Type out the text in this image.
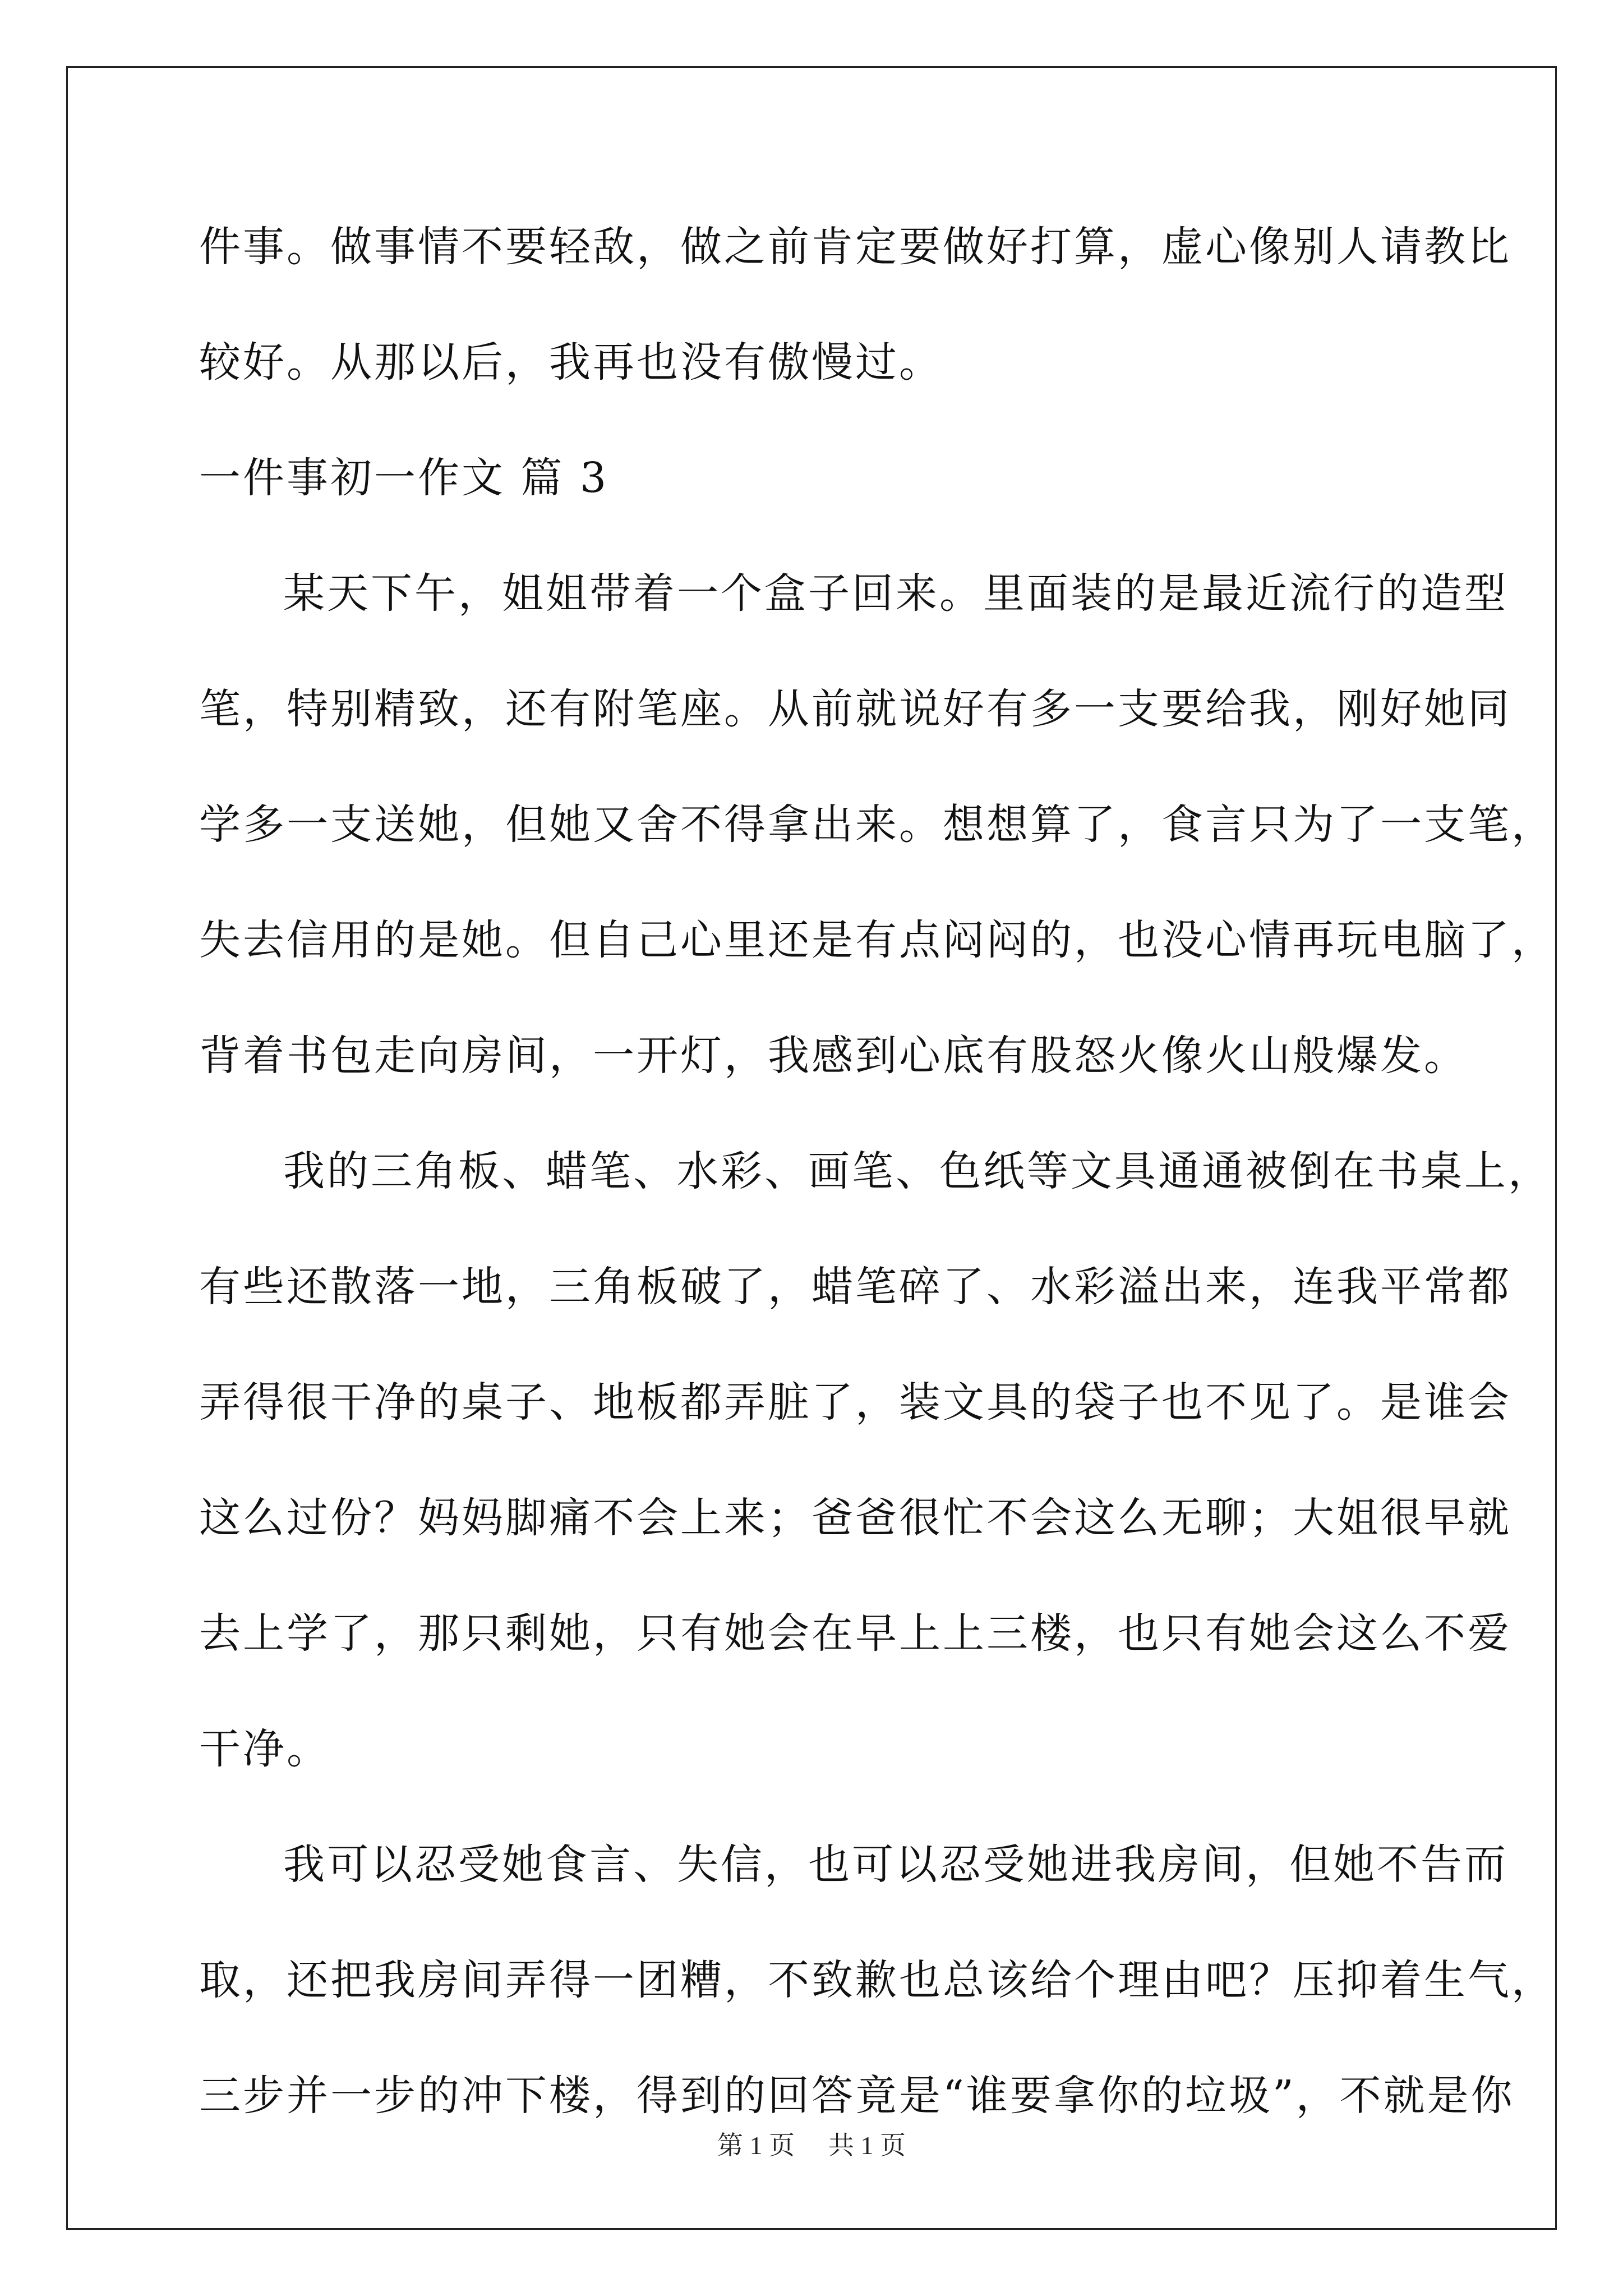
件事。做事情不要轻敌，做之前肯定要做好打算，虚心像别人请教比
较好。从那以后，我再也没有傲慢过。
一件事初一作文 篇 3
某天下午，姐姐带着一个盒子回来。里面装的是最近流行的造型
笔，特别精致，还有附笔座。从前就说好有多一支要给我，刚好她同
学多一支送她，但她又舍不得拿出来。想想算了，食言只为了一支笔，
失去信用的是她。但自己心里还是有点闷闷的，也没心情再玩电脑了，
背着书包走向房间，一开灯，我感到心底有股怒火像火山般爆发。
我的三角板、蜡笔、水彩、画笔、色纸等文具通通被倒在书桌上，
有些还散落一地，三角板破了，蜡笔碎了、水彩溢出来，连我平常都
弄得很干净的桌子、地板都弄脏了，装文具的袋子也不见了。是谁会
这么过份？妈妈脚痛不会上来；爸爸很忙不会这么无聊；大姐很早就
去上学了，那只剩她，只有她会在早上上三楼，也只有她会这么不爱
干净。
我可以忍受她食言、失信，也可以忍受她进我房间，但她不告而
取，还把我房间弄得一团糟，不致歉也总该给个理由吧？压抑着生气，
三步并一步的冲下楼，得到的回答竟是“谁要拿你的垃圾”，不就是你
第 1 页 共 1 页
